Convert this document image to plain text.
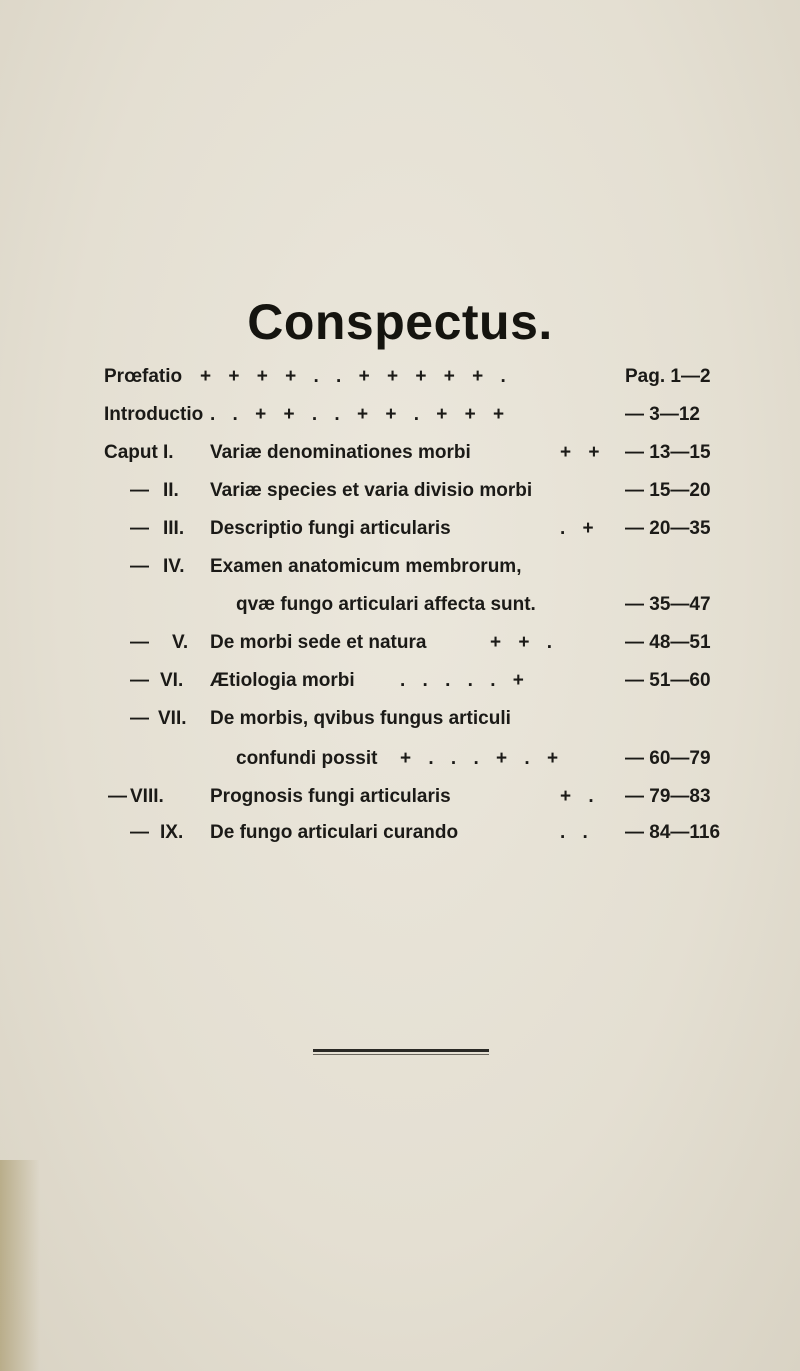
Conspectus.
Prœfatio + + + + . . + + + + + .	Pag. 1—2
Introductio . . + + . . + + . + + +	— 3—12
Caput I. Variæ denominationes morbi	+ + — 13—15
— II. Variæ species et varia divisio morbi	— 15—20
— III. Descriptio fungi articularis	. + — 20—35
— IV. Examen anatomicum membrorum,
qvæ fungo articulari affecta sunt.	— 35—47
— V. De morbi sede et natura	+ + .	— 48—51
— VI. Ætiologia morbi . . . . . +	— 51—60
— VII. De morbis, qvibus fungus articuli
confundi possit + . . . + . +	— 60—79
— VIII. Prognosis fungi articularis	+ . — 79—83
— IX. De fungo articulari curando	. . — 84—116
